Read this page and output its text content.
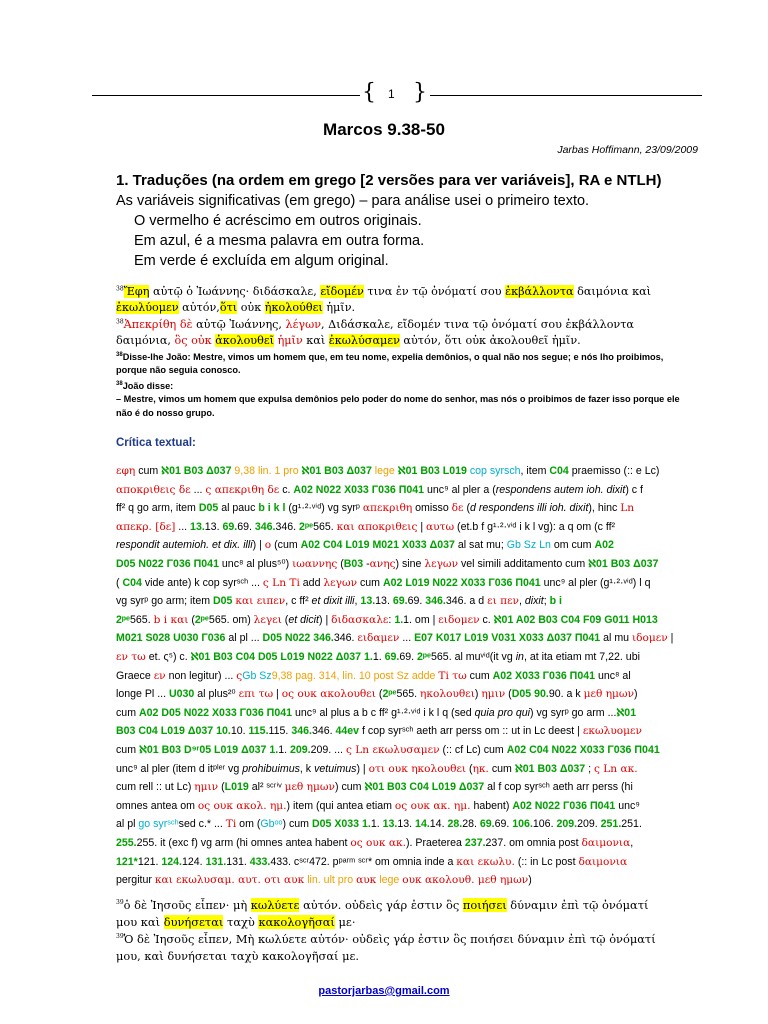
{ 1 }
Marcos 9.38-50
Jarbas Hoffimann, 23/09/2009
1. Traduções (na ordem em grego [2 versões para ver variáveis], RA e NTLH)
As variáveis significativas (em grego) – para análise usei o primeiro texto.
O vermelho é acréscimo em outros originais.
Em azul, é a mesma palavra em outra forma.
Em verde é excluída em algum original.
$^{38}$Ἔφη αὐτῷ ὁ Ἰωάννης· διδάσκαλε, εἴδομέν τινα ἐν τῷ ὀνόματί σου ἐκβάλλοντα δαιμόνια καὶ
ἐκωλύομεν αὐτόν,ὅτι οὐκ ἠκολούθει ἡμῖν.
$^{38}$Ἀπεκρίθη δὲ αὐτῷ Ἰωάννης, λέγων, Διδάσκαλε, εἴδομέν τινα τῷ ὀνόματί σου ἐκβάλλοντα
δαιμόνια, ὃς οὐκ ἀκολουθεῖ ἡμῖν καὶ ἐκωλύσαμεν αὐτόν, ὅτι οὐκ ἀκολουθεῖ ἡμῖν.
$^{38}$Disse-lhe João: Mestre, vimos um homem que, em teu nome, expelia demônios, o qual não nos segue; e nós lho proibimos,
porque não seguia conosco.
$^{38}$João disse:
– Mestre, vimos um homem que expulsa demônios pelo poder do nome do senhor, mas nós o proibimos de fazer isso porque ele
não é do nosso grupo.
Crítica textual:
εφη cum ℵ01 B03 Δ037 9,38 lin. 1 pro ℵ01 B03 Δ037 lege ℵ01 B03 L019 cop syrsch, item C04 praemisso (:: e Lc)
αποκριθεις δε ... ς απεκριθη δε c. A02 N022 X033 Γ036 Π041 unc⁹ al pler a (respondens autem ioh. dixit) c f
ff² q go arm, item D05 al pauc b i k l (g¹·²·ᵛⁱᵈ) vg syrᵖ απεκριθη omisso δε (d respondens illi ioh. dixit), hinc Ln
απεκρ. [δε] ... 13.13. 69.69. 346.346. 2ᵖᵉ565. και αποκριθεις | αυτω (et.b f g¹·²·ᵛⁱᵈ i k l vg): a q om (c ff²
respondit autemioh. et dix. illi) | ο (cum A02 C04 L019 M021 X033 Δ037 al sat mu; Gb Sz Ln om cum A02
D05 N022 Γ036 Π041 unc⁸ al plus⁵⁰) ιωαννης (B03 -ανης) sine λεγων vel simili additamento cum ℵ01 B03 Δ037
( C04 vide ante) k cop syrˢᶜʰ ... ς Ln Ti add λεγων cum A02 L019 N022 X033 Γ036 Π041 unc⁹ al pler (g¹·²·ᵛⁱᵈ) l q
vg syrᵖ go arm; item D05 και ειπεν, c ff² et dixit illi, 13.13. 69.69. 346.346. a d ει πεν, dixit; b i
2ᵖᵉ565. b i και (2ᵖᵉ565. om) λεγει (et dicit) | διδασκαλε: 1.1. om | ειδομεν c. ℵ01 A02 B03 C04 F09 G011 H013
M021 S028 U030 Γ036 al pl ... D05 N022 346.346. ειδαμεν ... E07 K017 L019 V031 X033 Δ037 Π041 al mu ιδομεν |
εν τω et. ς⁵) c. ℵ01 B03 C04 D05 L019 N022 Δ037 1.1. 69.69. 2ᵖᵉ565. al muᵛⁱᵈ(it vg in, at ita etiam mt 7,22. ubi
Graece εν non legitur) ... ςGb Sz9,38 pag. 314, lin. 10 post Sz adde Ti τω cum A02 X033 Γ036 Π041 unc⁸ al
longe Pl ... U030 al plus²⁰ επι τω | ος ουκ ακολουθει (2ᵖᵉ565. ηκολουθει) ημιν (D05 90.90. a k μεθ ημων)
cum A02 D05 N022 X033 Γ036 Π041 unc⁹ al plus a b c ff² g¹·²·ᵛⁱᵈ i k l q (sed quia pro qui) vg syrᵖ go arm ...ℵ01
B03 C04 L019 Δ037 10.10. 115.115. 346.346. 44ev f cop syrˢᶜʰ aeth arr perss om :: ut in Lc deest | εκωλυομεν
cum ℵ01 B03 D⁹ʳ05 L019 Δ037 1.1. 209.209. ... ς Ln εκωλυσαμεν (:: cf Lc) cum A02 C04 N022 X033 Γ036 Π041
unc⁹ al pler (item d itᵖˡᵉʳ vg prohibuimus, k vetuimus) | οτι ουκ ηκολουθει (ηκ. cum ℵ01 B03 Δ037 ; ς Ln ακ.
cum rell :: ut Lc) ημιν (L019 al² ˢᶜʳⁱᵛ μεθ ημων) cum ℵ01 B03 C04 L019 Δ037 al f cop syrˢᶜʰ aeth arr perss (hi
omnes antea om ος ουκ ακολ. ημ.) item (qui antea etiam ος ουκ ακ. ημ. habent) A02 N022 Γ036 Π041 unc⁹
al pl go syrˢᶜʰsed c.* ... Ti om (Gbᵒᵒ) cum D05 X033 1.1. 13.13. 14.14. 28.28. 69.69. 106.106. 209.209. 251.251.
255.255. it (exc f) vg arm (hi omnes antea habent ος ουκ ακ.). Praeterea 237.237. om omnia post δαιμονια,
121*121. 124.124. 131.131. 433.433. cˢᶜʳ472. pᵖᵃʳᵐ ˢᶜʳ* om omnia inde a και εκωλυ. (:: in Lc post δαιμονια
pergitur και εκωλυσαμ. αυτ. οτι αυκ lin. ult pro αυκ lege ουκ ακολουθ. μεθ ημων)
$^{39}$ὁ δὲ Ἰησοῦς εἶπεν· μὴ κωλύετε αὐτόν. οὐδεὶς γάρ ἐστιν ὃς ποιήσει δύναμιν ἐπὶ τῷ ὀνόματί
μου καὶ δυνήσεται ταχὺ κακολογῆσαί με·
$^{39}$Ὁ δὲ Ἰησοῦς εἶπεν, Μὴ κωλύετε αὐτόν· οὐδεὶς γάρ ἐστιν ὃς ποιήσει δύναμιν ἐπὶ τῷ ὀνόματί
μου, καὶ δυνήσεται ταχὺ κακολογῆσαί με.
pastorjarbas@gmail.com
